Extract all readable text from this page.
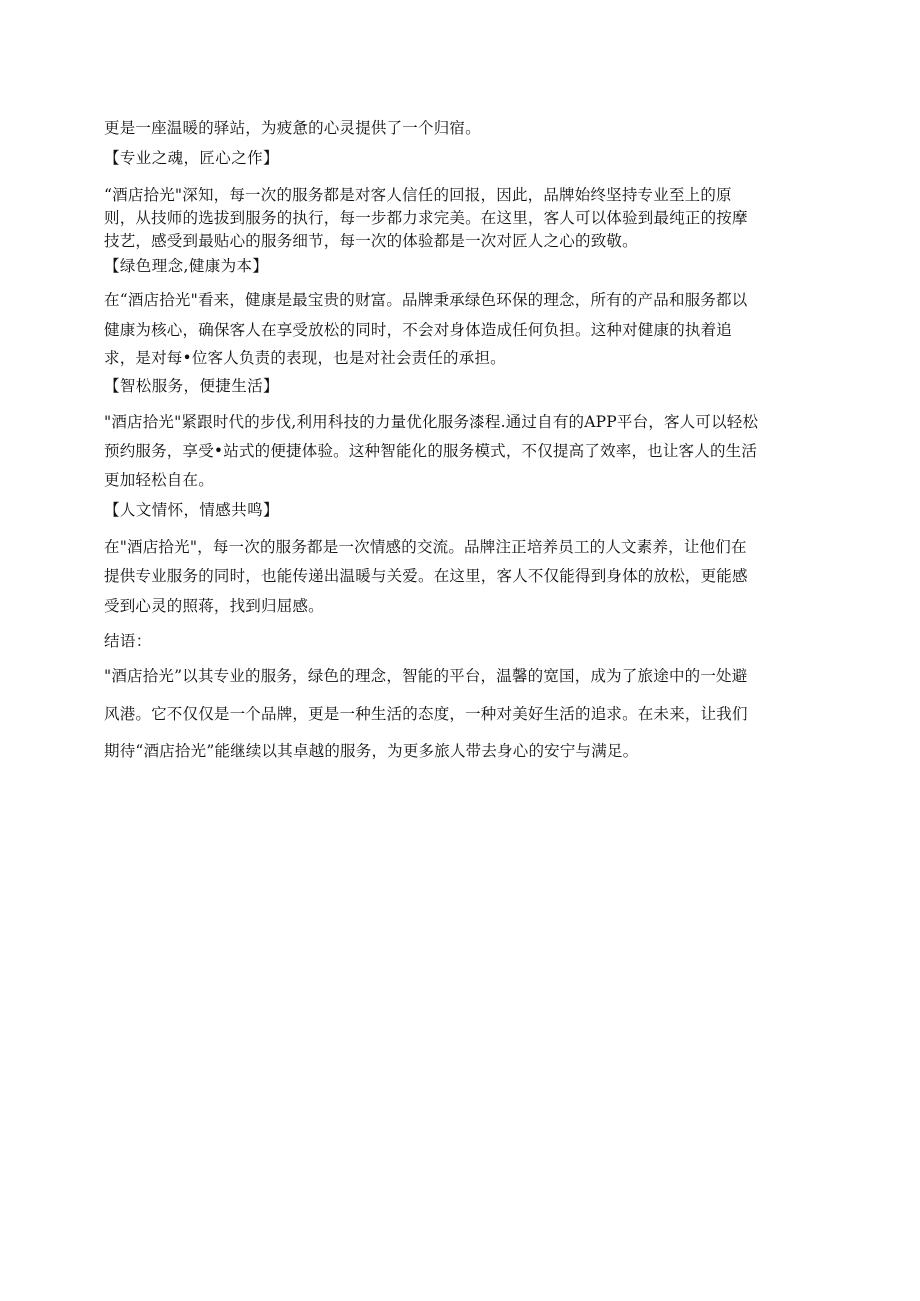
更是一座温暖的驿站，为疲惫的心灵提供了一个归宿。
【专业之魂，匠心之作】
“酒店拾光"深知，每一次的服务都是对客人信任的回报，因此，品牌始终坚持专业至上的原
则，从技师的选拔到服务的执行，每一步都力求完美。在这里，客人可以体验到最纯正的按摩
技艺，感受到最贴心的服务细节，每一次的体验都是一次对匠人之心的致敬。
【绿色理念,健康为本】
在“酒店拾光"看来，健康是最宝贵的财富。品牌秉承绿色环保的理念，所有的产品和服务都以
健康为核心，确保客人在享受放松的同时，不会对身体造成任何负担。这种对健康的执着追
求，是对每•位客人负责的表现，也是对社会责任的承担。
【智松服务，便捷生活】
"酒店拾光"紧跟时代的步伐,利用科技的力量优化服务漆程.通过自有的APP平台，客人可以轻松
预约服务，享受•站式的便捷体验。这种智能化的服务模式，不仅提高了效率，也让客人的生活
更加轻松自在。
【人文情怀，情感共鸣】
在"酒店拾光"，每一次的服务都是一次情感的交流。品牌注正培养员工的人文素养，让他们在
提供专业服务的同时，也能传递出温暖与关爱。在这里，客人不仅能得到身体的放松，更能感
受到心灵的照蒋，找到归屈感。
结语：
"酒店拾光”以其专业的服务，绿色的理念，智能的平台，温馨的宽国，成为了旅途中的一处避
风港。它不仅仅是一个品牌，更是一种生活的态度，一种对美好生活的追求。在未来，让我们
期待“酒店拾光”能继续以其卓越的服务，为更多旅人带去身心的安宁与满足。
